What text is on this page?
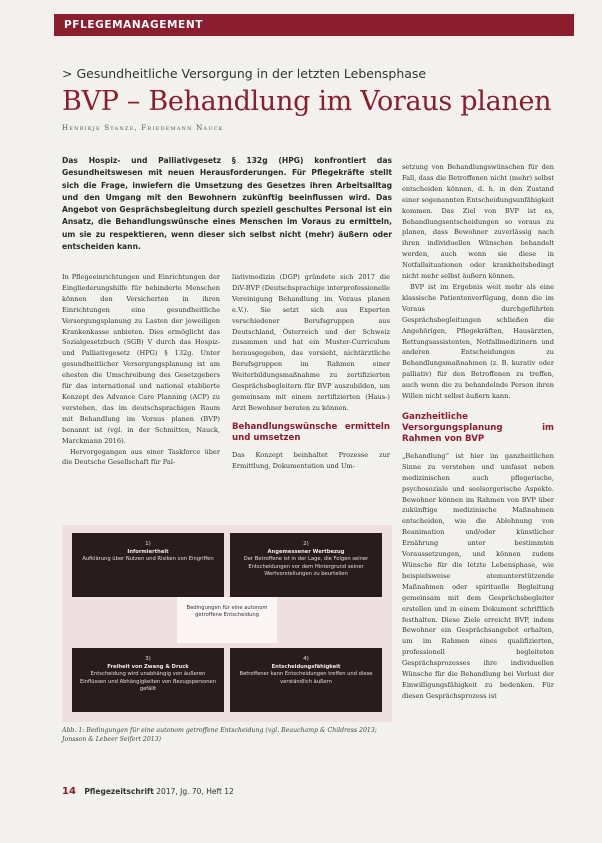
PFLEGEMANAGEMENT
> Gesundheitliche Versorgung in der letzten Lebensphase
BVP – Behandlung im Voraus planen
Henrikje Stanze, Friedemann Nauck
Das Hospiz- und Palliativgesetz § 132g (HPG) konfrontiert das Gesundheitswesen mit neuen Herausforderungen. Für Pflegekräfte stellt sich die Frage, inwiefern die Umsetzung des Gesetzes ihren Arbeitsalltag und den Umgang mit den Bewohnern zukünftig beeinflussen wird. Das Angebot von Gesprächsbegleitung durch speziell geschultes Personal ist ein Ansatz, die Behandlungswünsche eines Menschen im Voraus zu ermitteln, um sie zu respektieren, wenn dieser sich selbst nicht (mehr) äußern oder entscheiden kann.

In Pflegeeinrichtungen und Einrichtungen der Eingliederungshilfe für behinderte Menschen können den Versicherten in ihren Einrichtungen eine gesundheitliche Versorgungsplanung zu Lasten der jeweiligen Krankenkasse anbieten. Dies ermöglicht das Sozialgesetzbuch (SGB) V durch das Hospiz- und Palliativgesetz (HPG) § 132g. Unter gesundheitlicher Versorgungsplanung ist am ehesten die Umschreibung des Gesetzgebers für das international und national etablierte Konzept des Advance Care Planning (ACP) zu verstehen, das im deutschsprachigen Raum mit Behandlung im Voraus planen (BVP) benannt ist (vgl. in der Schmitten, Nauck, Marckmann 2016).

Hervorgegangen aus einer Taskforce über die Deutsche Gesellschaft für Pal-

liativmedizin (DGP) gründete sich 2017 die DiV-BVP (Deutschsprachige interprofessionelle Vereinigung Behandlung im Voraus planen e.V.). Sie setzt sich aus Experten verschiedener Berufsgruppen aus Deutschland, Österreich und der Schweiz zusammen und hat ein Muster-Curriculum herausgegeben, das vorsieht, nichtärztliche Berufsgruppen im Rahmen einer Weiterbildungsmaßnahme zu zertifizierten Gesprächsbegleitern für BVP auszubilden, um gemeinsam mit einem zertifizierten (Haus-) Arzt Bewohner beraten zu können.

Behandlungswünsche ermitteln und umsetzen

Das Konzept beinhaltet Prozesse zur Ermittlung, Dokumentation und Um-

setzung von Behandlungswünschen für den Fall, dass die Betroffenen nicht (mehr) selbst entscheiden können, d. h. in den Zustand einer sogenannten Entscheidungsunfähigkeit kommen. Das Ziel von BVP ist es, Behandlungsentscheidungen so voraus zu planen, dass Bewohner zuverlässig nach ihren individuellen Wünschen behandelt werden, auch wenn sie diese in Notfallsituationen oder krankheitsbedingt nicht mehr selbst äußern können.

BVP ist im Ergebnis weit mehr als eine klassische Patientenverfügung, denn die im Voraus durchgeführten Gesprächsbegleitungen schließen die Angehörigen, Pflegekräften, Hausärzten, Rettungsassistenten, Notfallmedizinern und anderen Entscheidungen zu Behandlungsmaßnahmen (z. B. kurativ oder palliativ) für den Betroffenen zu treffen, auch wenn die zu behandelnde Person ihren Willen nicht selbst äußern kann.

Ganzheitliche Versorgungsplanung im Rahmen von BVP

„Behandlung“ ist hier im ganzheitlichen Sinne zu verstehen und umfasst neben medizinischen auch pflegerische, psychosoziale und seelsorgerische Aspekte. Bewohner können im Rahmen von BVP über zukünftige medizinische Maßnahmen entscheiden, wie die Ablehnung von Reanimation und/oder künstlicher Ernährung unter bestimmten Voraussetzungen, und können zudem Wünsche für die letzte Lebensphase, wie beispielsweise atemunterstützende Maßnahmen oder spirituelle Begleitung gemeinsam mit dem Gesprächsbegleiter erstellen und in einem Dokument schriftlich festhalten. Diese Ziele erreicht BVP, indem Bewohner ein Gesprächsangebot erhalten, um im Rahmen eines qualifizierten, professionell begleiteten Gesprächsprozesses ihre individuellen Wünsche für die Behandlung bei Verlust der Einwilligungsfähigkeit zu bedenken. Für diesen Gesprächsprozess ist

1)
Informiertheit
Aufklärung über Nutzen und Risiken von Eingriffen
2)
Angemessener Wertbezug
Der Betroffene ist in der Lage, die Folgen seiner Entscheidungen vor dem Hintergrund seiner Wertvorstellungen zu beurteilen
3)
Freiheit von Zwang & Druck
Entscheidung wird unabhängig von äußeren Einflüssen und Abhängigkeiten von Bezugspersonen gefällt
4)
Entscheidungsfähigkeit
Betroffener kann Entscheidungen treffen und diese verständlich äußern
Bedingungen für eine autonom getroffene Entscheidung
Abb. 1: Bedingungen für eine autonom getroffene Entscheidung (vgl. Beauchamp & Childress 2013; Jonsson & Lebeer Seifert 2013)
14 Pflegezeitschrift 2017, Jg. 70, Heft 12
